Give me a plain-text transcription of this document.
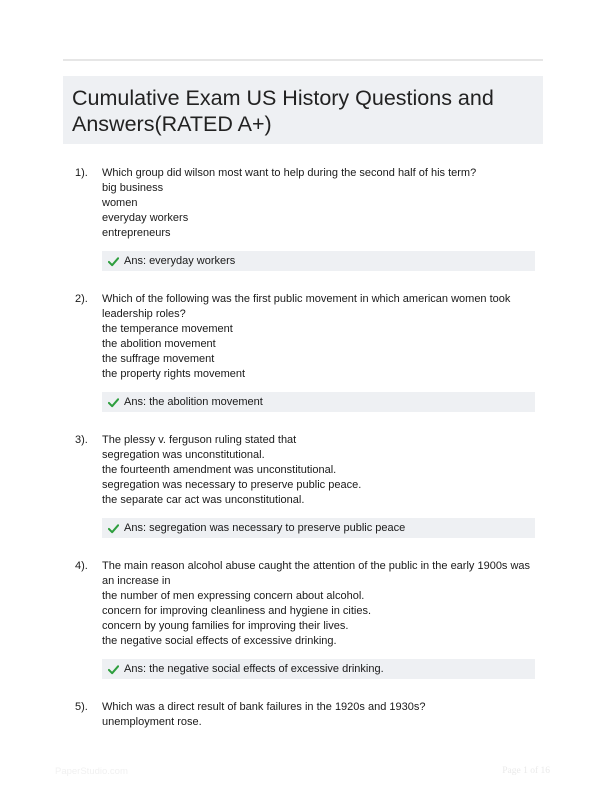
Cumulative Exam US History Questions and Answers(RATED A+)
1). Which group did wilson most want to help during the second half of his term?
big business
women
everyday workers
entrepreneurs
Ans: everyday workers
2). Which of the following was the first public movement in which american women took leadership roles?
the temperance movement
the abolition movement
the suffrage movement
the property rights movement
Ans: the abolition movement
3). The plessy v. ferguson ruling stated that
segregation was unconstitutional.
the fourteenth amendment was unconstitutional.
segregation was necessary to preserve public peace.
the separate car act was unconstitutional.
Ans: segregation was necessary to preserve public peace
4). The main reason alcohol abuse caught the attention of the public in the early 1900s was an increase in
the number of men expressing concern about alcohol.
concern for improving cleanliness and hygiene in cities.
concern by young families for improving their lives.
the negative social effects of excessive drinking.
Ans: the negative social effects of excessive drinking.
5). Which was a direct result of bank failures in the 1920s and 1930s?
unemployment rose.
PaperStudio.com	Page 1 of 16
